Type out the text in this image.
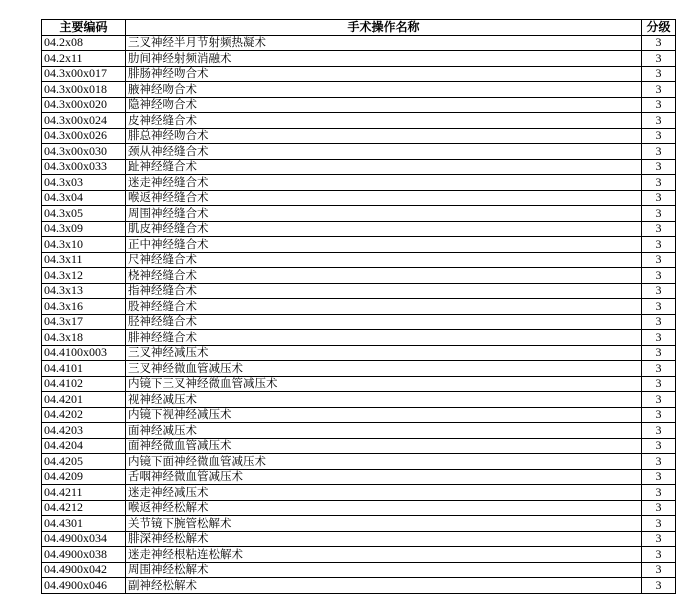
主要编码	手术操作名称	分级
04.2x08	三叉神经半月节射频热凝术	3
04.2x11	肋间神经射频消融术	3
04.3x00x017	腓肠神经吻合术	3
04.3x00x018	腋神经吻合术	3
04.3x00x020	隐神经吻合术	3
04.3x00x024	皮神经缝合术	3
04.3x00x026	腓总神经吻合术	3
04.3x00x030	颈从神经缝合术	3
04.3x00x033	趾神经缝合术	3
04.3x03	迷走神经缝合术	3
04.3x04	喉返神经缝合术	3
04.3x05	周围神经缝合术	3
04.3x09	肌皮神经缝合术	3
04.3x10	正中神经缝合术	3
04.3x11	尺神经缝合术	3
04.3x12	桡神经缝合术	3
04.3x13	指神经缝合术	3
04.3x16	股神经缝合术	3
04.3x17	胫神经缝合术	3
04.3x18	腓神经缝合术	3
04.4100x003	三叉神经减压术	3
04.4101	三叉神经微血管减压术	3
04.4102	内镜下三叉神经微血管减压术	3
04.4201	视神经减压术	3
04.4202	内镜下视神经减压术	3
04.4203	面神经减压术	3
04.4204	面神经微血管减压术	3
04.4205	内镜下面神经微血管减压术	3
04.4209	舌咽神经微血管减压术	3
04.4211	迷走神经减压术	3
04.4212	喉返神经松解术	3
04.4301	关节镜下腕管松解术	3
04.4900x034	腓深神经松解术	3
04.4900x038	迷走神经根粘连松解术	3
04.4900x042	周围神经松解术	3
04.4900x046	副神经松解术	3
